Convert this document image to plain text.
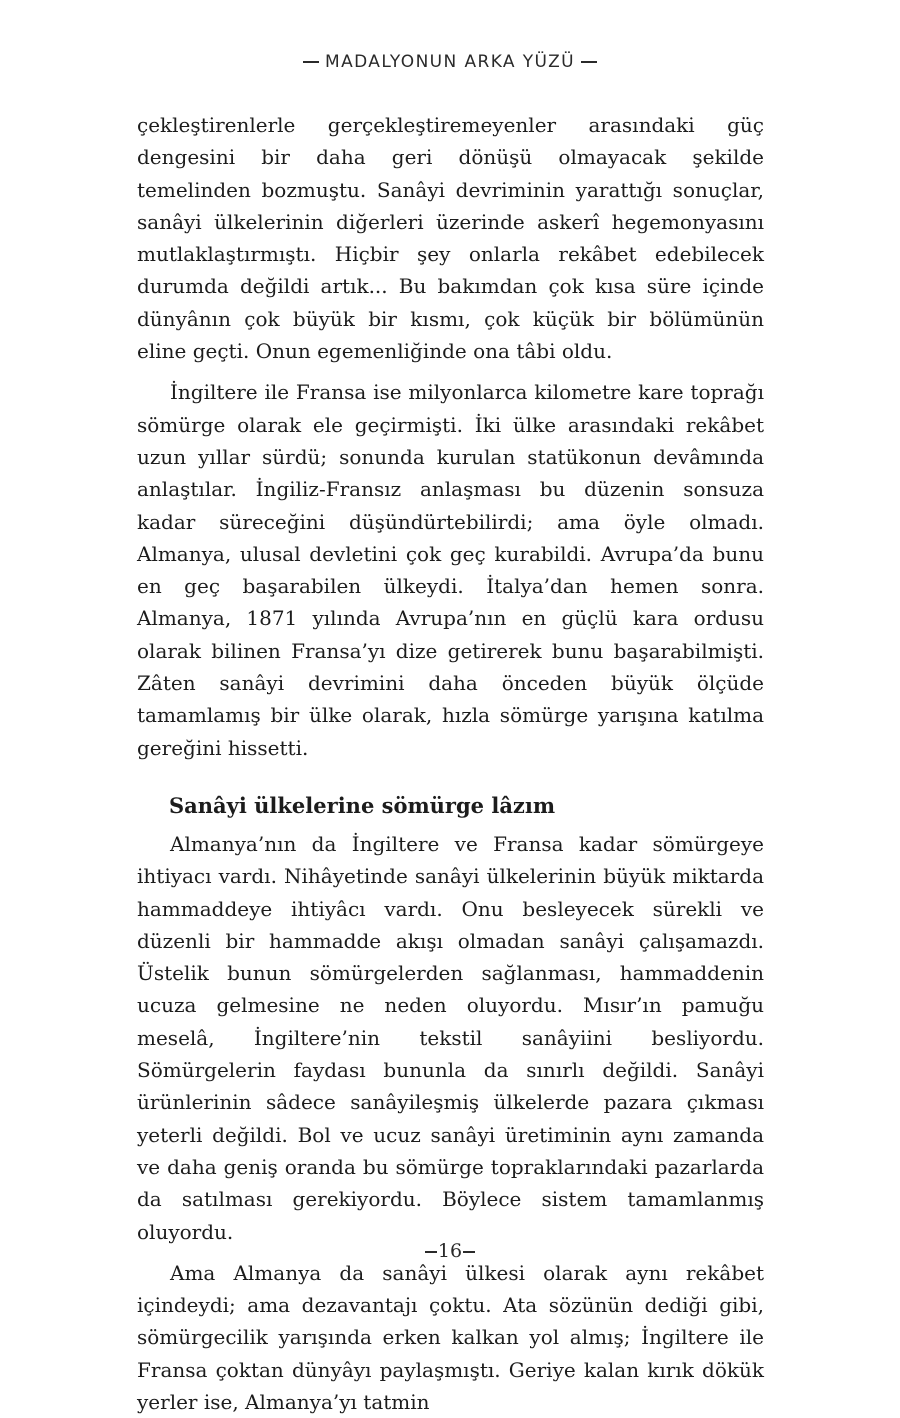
MADALYONUN ARKA YÜZÜ

çekleştirenlerle gerçekleştiremeyenler arasındaki güç dengesini bir daha geri dönüşü olmayacak şekilde temelinden bozmuştu. Sanâyi devriminin yarattığı sonuçlar, sanâyi ülkelerinin diğerleri üzerinde askerî hegemonyasını mutlaklaştırmıştı. Hiçbir şey onlarla rekâbet edebilecek durumda değildi artık... Bu bakımdan çok kısa süre içinde dünyânın çok büyük bir kısmı, çok küçük bir bölümünün eline geçti. Onun egemenliğinde ona tâbi oldu.

İngiltere ile Fransa ise milyonlarca kilometre kare toprağı sömürge olarak ele geçirmişti. İki ülke arasındaki rekâbet uzun yıllar sürdü; sonunda kurulan statükonun devâmında anlaştılar. İngiliz-Fransız anlaşması bu düzenin sonsuza kadar süreceğini düşündürtebilirdi; ama öyle olmadı. Almanya, ulusal devletini çok geç kurabildi. Avrupa’da bunu en geç başarabilen ülkeydi. İtalya’dan hemen sonra. Almanya, 1871 yılında Avrupa’nın en güçlü kara ordusu olarak bilinen Fransa’yı dize getirerek bunu başarabilmişti. Zâten sanâyi devrimini daha önceden büyük ölçüde tamamlamış bir ülke olarak, hızla sömürge yarışına katılma gereğini hissetti.

Sanâyi ülkelerine sömürge lâzım

Almanya’nın da İngiltere ve Fransa kadar sömürgeye ihtiyacı vardı. Nihâyetinde sanâyi ülkelerinin büyük miktarda hammaddeye ihtiyâcı vardı. Onu besleyecek sürekli ve düzenli bir hammadde akışı olmadan sanâyi çalışamazdı. Üstelik bunun sömürgelerden sağlanması, hammaddenin ucuza gelmesine ne neden oluyordu. Mısır’ın pamuğu meselâ, İngiltere’nin tekstil sanâyiini besliyordu. Sömürgelerin faydası bununla da sınırlı değildi. Sanâyi ürünlerinin sâdece sanâyileşmiş ülkelerde pazara çıkması yeterli değildi. Bol ve ucuz sanâyi üretiminin aynı zamanda ve daha geniş oranda bu sömürge topraklarındaki pazarlarda da satılması gerekiyordu. Böylece sistem tamamlanmış oluyordu.

Ama Almanya da sanâyi ülkesi olarak aynı rekâbet içindeydi; ama dezavantajı çoktu. Ata sözünün dediği gibi, sömürgecilik yarışında erken kalkan yol almış; İngiltere ile Fransa çoktan dünyâyı paylaşmıştı. Geriye kalan kırık dökük yerler ise, Almanya’yı tatmin

16
